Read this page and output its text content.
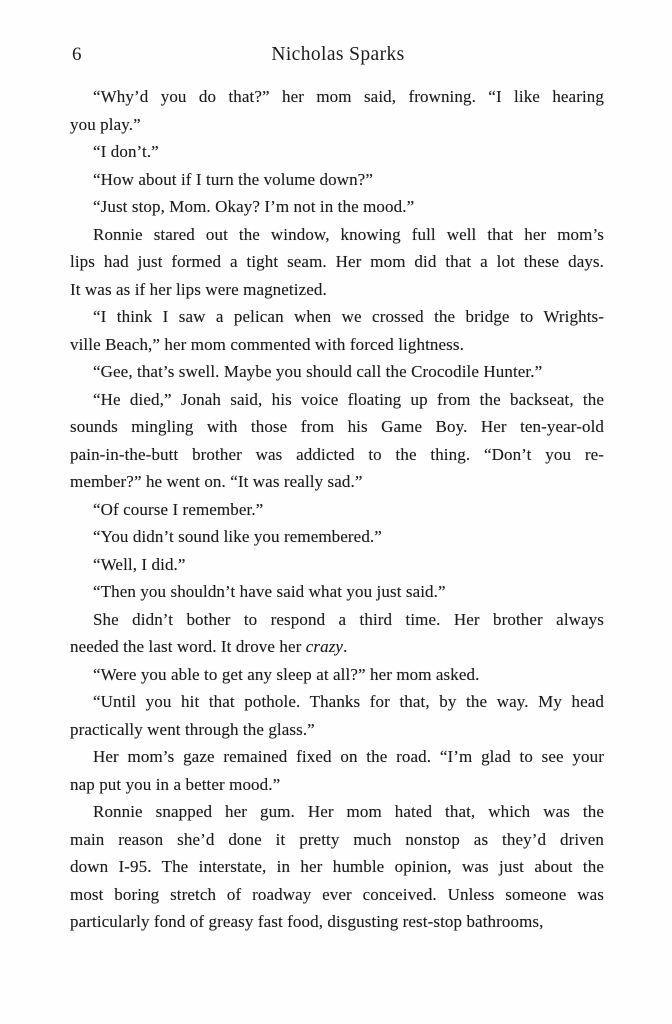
6	Nicholas Sparks
“Why’d you do that?” her mom said, frowning. “I like hearing
you play.”
“I don’t.”
“How about if I turn the volume down?”
“Just stop, Mom. Okay? I’m not in the mood.”
Ronnie stared out the window, knowing full well that her mom’s
lips had just formed a tight seam. Her mom did that a lot these days.
It was as if her lips were magnetized.
“I think I saw a pelican when we crossed the bridge to Wrights-
ville Beach,” her mom commented with forced lightness.
“Gee, that’s swell. Maybe you should call the Crocodile Hunter.”
“He died,” Jonah said, his voice floating up from the backseat, the
sounds mingling with those from his Game Boy. Her ten-year-old
pain-in-the-butt brother was addicted to the thing. “Don’t you re-
member?” he went on. “It was really sad.”
“Of course I remember.”
“You didn’t sound like you remembered.”
“Well, I did.”
“Then you shouldn’t have said what you just said.”
She didn’t bother to respond a third time. Her brother always
needed the last word. It drove her crazy.
“Were you able to get any sleep at all?” her mom asked.
“Until you hit that pothole. Thanks for that, by the way. My head
practically went through the glass.”
Her mom’s gaze remained fixed on the road. “I’m glad to see your
nap put you in a better mood.”
Ronnie snapped her gum. Her mom hated that, which was the
main reason she’d done it pretty much nonstop as they’d driven
down I-95. The interstate, in her humble opinion, was just about the
most boring stretch of roadway ever conceived. Unless someone was
particularly fond of greasy fast food, disgusting rest-stop bathrooms,
